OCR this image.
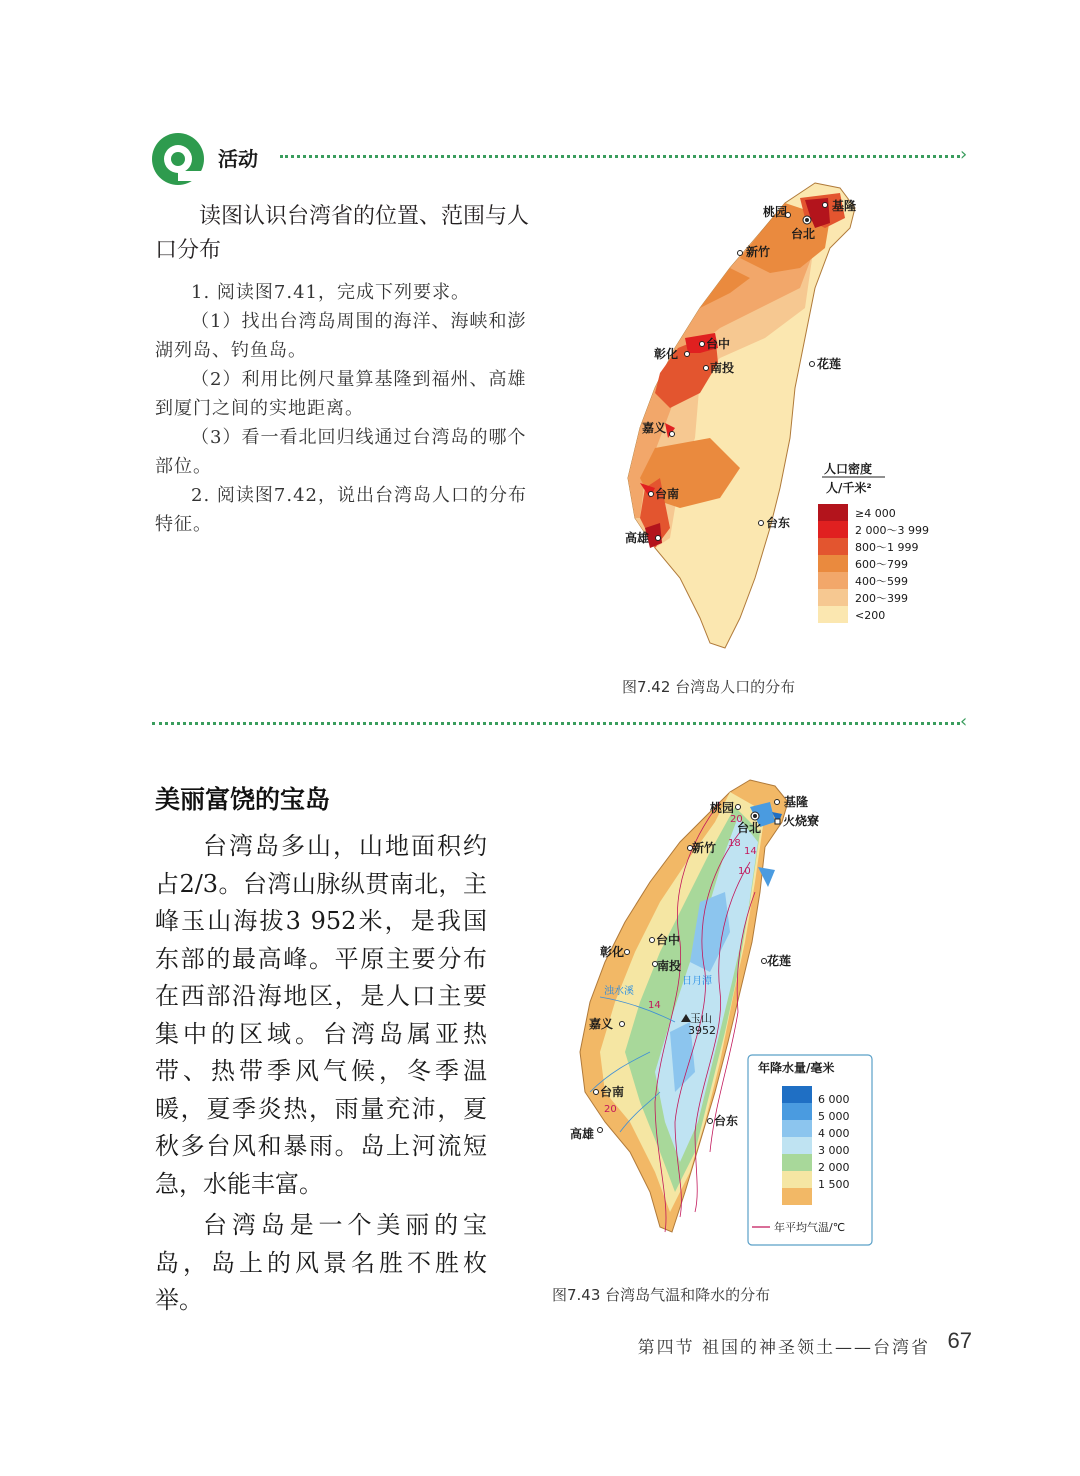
活动	›
读图认识台湾省的位置、范围与人口分布

1. 阅读图7.41，完成下列要求。

（1）找出台湾岛周围的海洋、海峡和澎湖列岛、钓鱼岛。

（2）利用比例尺量算基隆到福州、高雄到厦门之间的实地距离。

（3）看一看北回归线通过台湾岛的哪个部位。

2. 阅读图7.42，说出台湾岛人口的分布特征。

桃园	基隆
台北
新竹
台中
彰化
南投	花莲
嘉义
台南
台东
高雄
人口密度
人/千米²
≥4 000
2 000～3 999
800～1 999
600～799
400～599
200～399
<200
图7.42 台湾岛人口的分布
‹
美丽富饶的宝岛

台湾岛多山，山地面积约占2/3。台湾山脉纵贯南北，主峰玉山海拔3 952米，是我国东部的最高峰。平原主要分布在西部沿海地区，是人口主要集中的区域。台湾岛属亚热带、热带季风气候，冬季温暖，夏季炎热，雨量充沛，夏秋多台风和暴雨。岛上河流短急，水能丰富。

台湾岛是一个美丽的宝岛，岛上的风景名胜不胜枚举。

桃园	基隆
台北 火烧寮
新竹
台中
彰化
南投	花莲
嘉义
台南
台东
高雄
浊水溪
日月潭
玉山
3952
20
18
14
10
14
20
年降水量/毫米
6 000
5 000
4 000
3 000
2 000
1 500
年平均气温/℃
图7.43 台湾岛气温和降水的分布
第四节 祖国的神圣领土——台湾省 67
